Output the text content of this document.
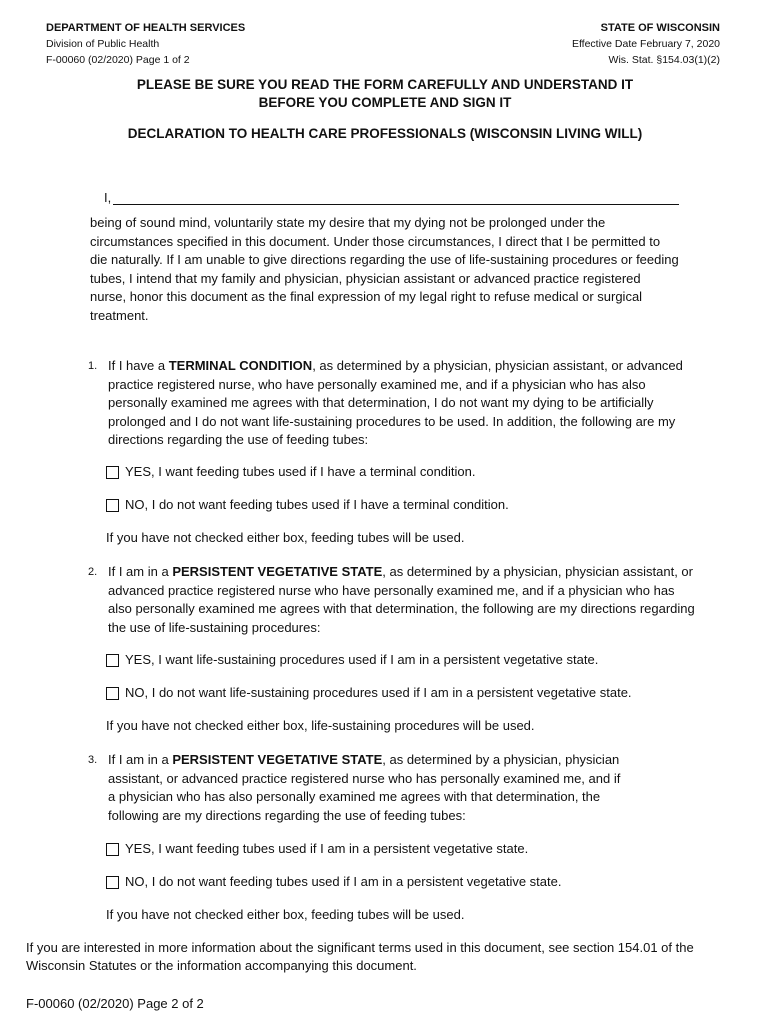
DEPARTMENT OF HEALTH SERVICES
Division of Public Health
F-00060 (02/2020) Page 1 of 2
STATE OF WISCONSIN
Effective Date February 7, 2020
Wis. Stat. §154.03(1)(2)
PLEASE BE SURE YOU READ THE FORM CAREFULLY AND UNDERSTAND IT
BEFORE YOU COMPLETE AND SIGN IT
DECLARATION TO HEALTH CARE PROFESSIONALS (WISCONSIN LIVING WILL)
I,
being of sound mind, voluntarily state my desire that my dying not be prolonged under the circumstances specified in this document. Under those circumstances, I direct that I be permitted to die naturally. If I am unable to give directions regarding the use of life-sustaining procedures or feeding tubes, I intend that my family and physician, physician assistant or advanced practice registered nurse, honor this document as the final expression of my legal right to refuse medical or surgical treatment.
1. If I have a TERMINAL CONDITION, as determined by a physician, physician assistant, or advanced practice registered nurse, who have personally examined me, and if a physician who has also personally examined me agrees with that determination, I do not want my dying to be artificially prolonged and I do not want life-sustaining procedures to be used. In addition, the following are my directions regarding the use of feeding tubes:
YES, I want feeding tubes used if I have a terminal condition.
NO, I do not want feeding tubes used if I have a terminal condition.
If you have not checked either box, feeding tubes will be used.
2. If I am in a PERSISTENT VEGETATIVE STATE, as determined by a physician, physician assistant, or advanced practice registered nurse who have personally examined me, and if a physician who has also personally examined me agrees with that determination, the following are my directions regarding the use of life-sustaining procedures:
YES, I want life-sustaining procedures used if I am in a persistent vegetative state.
NO, I do not want life-sustaining procedures used if I am in a persistent vegetative state.
If you have not checked either box, life-sustaining procedures will be used.
3. If I am in a PERSISTENT VEGETATIVE STATE, as determined by a physician, physician assistant, or advanced practice registered nurse who has personally examined me, and if a physician who has also personally examined me agrees with that determination, the following are my directions regarding the use of feeding tubes:
YES, I want feeding tubes used if I am in a persistent vegetative state.
NO, I do not want feeding tubes used if I am in a persistent vegetative state.
If you have not checked either box, feeding tubes will be used.
If you are interested in more information about the significant terms used in this document, see section 154.01 of the Wisconsin Statutes or the information accompanying this document.
F-00060 (02/2020) Page 2 of 2
